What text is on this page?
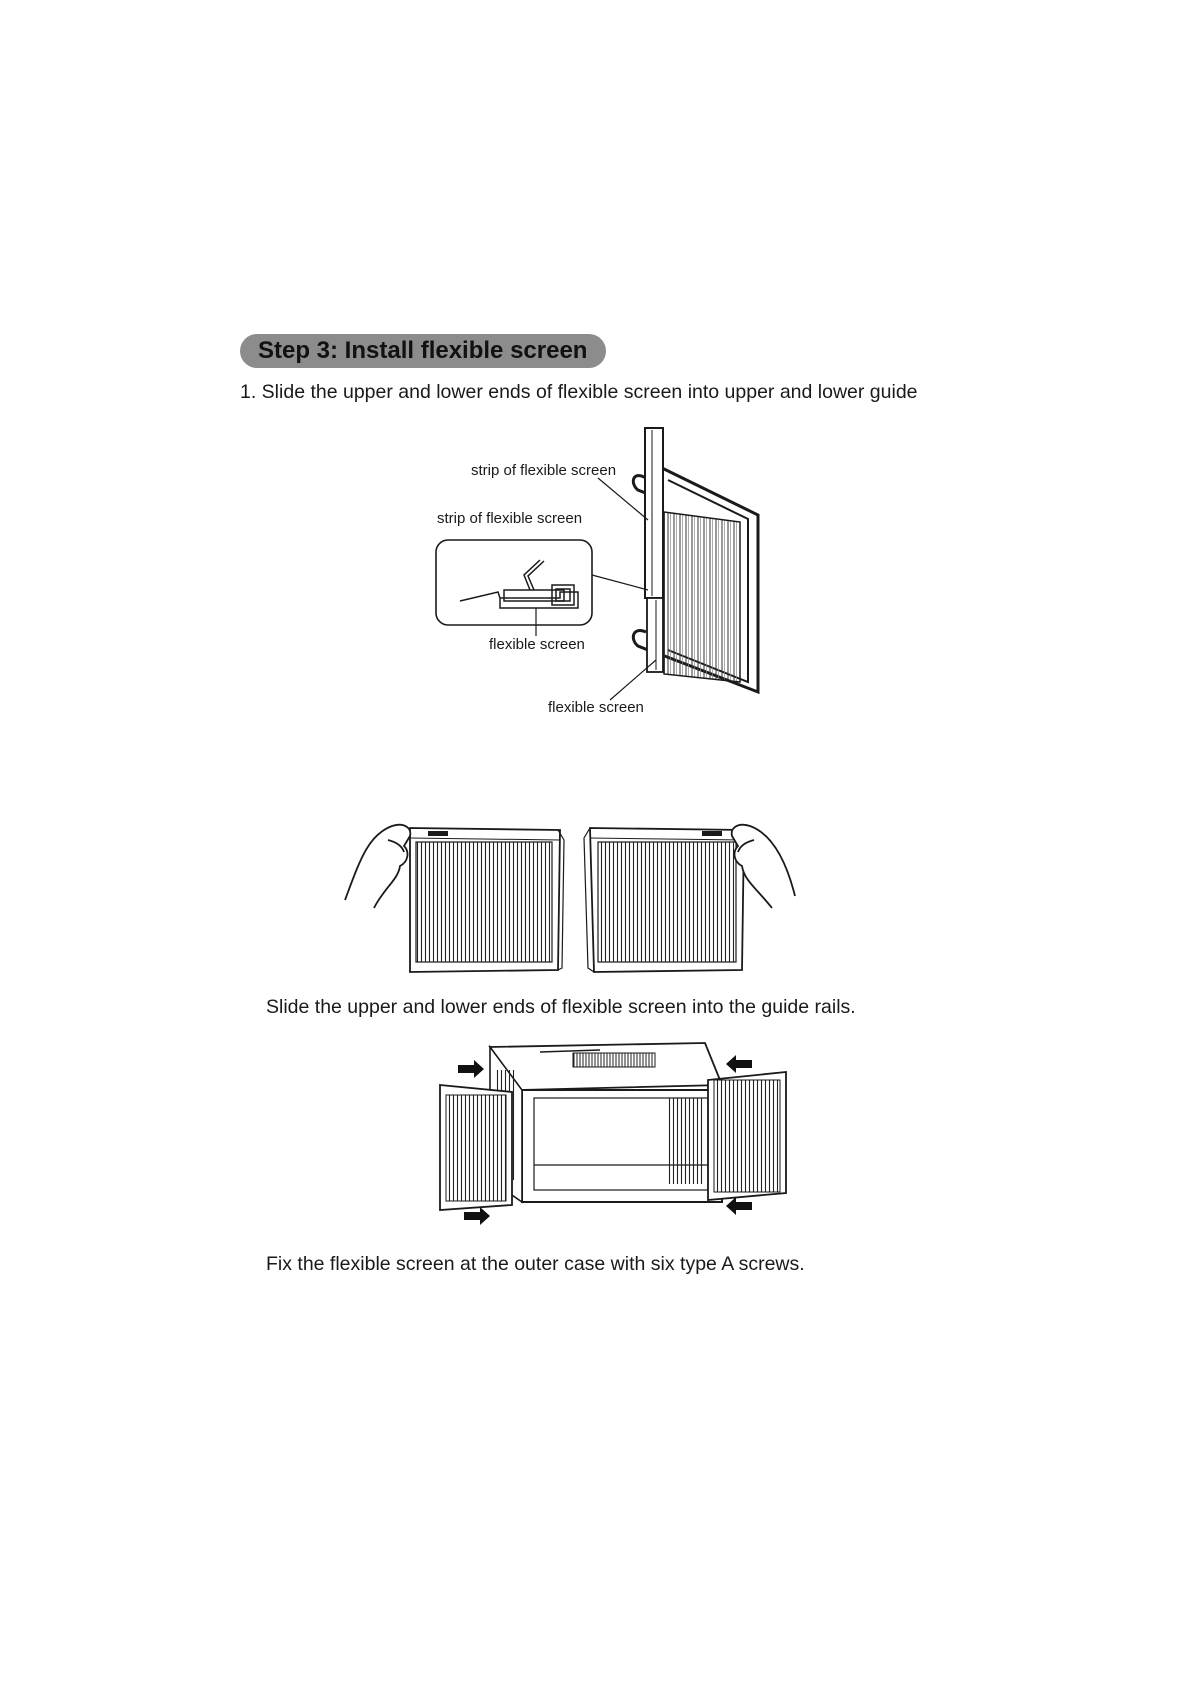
Step 3: Install flexible screen
1. Slide the upper and lower ends of flexible screen into upper and lower guide
Slide the upper and lower ends of flexible screen into the guide rails.
Fix the flexible screen at the outer case with six type A screws.
strip of flexible screen
strip of flexible screen
flexible screen
flexible screen
